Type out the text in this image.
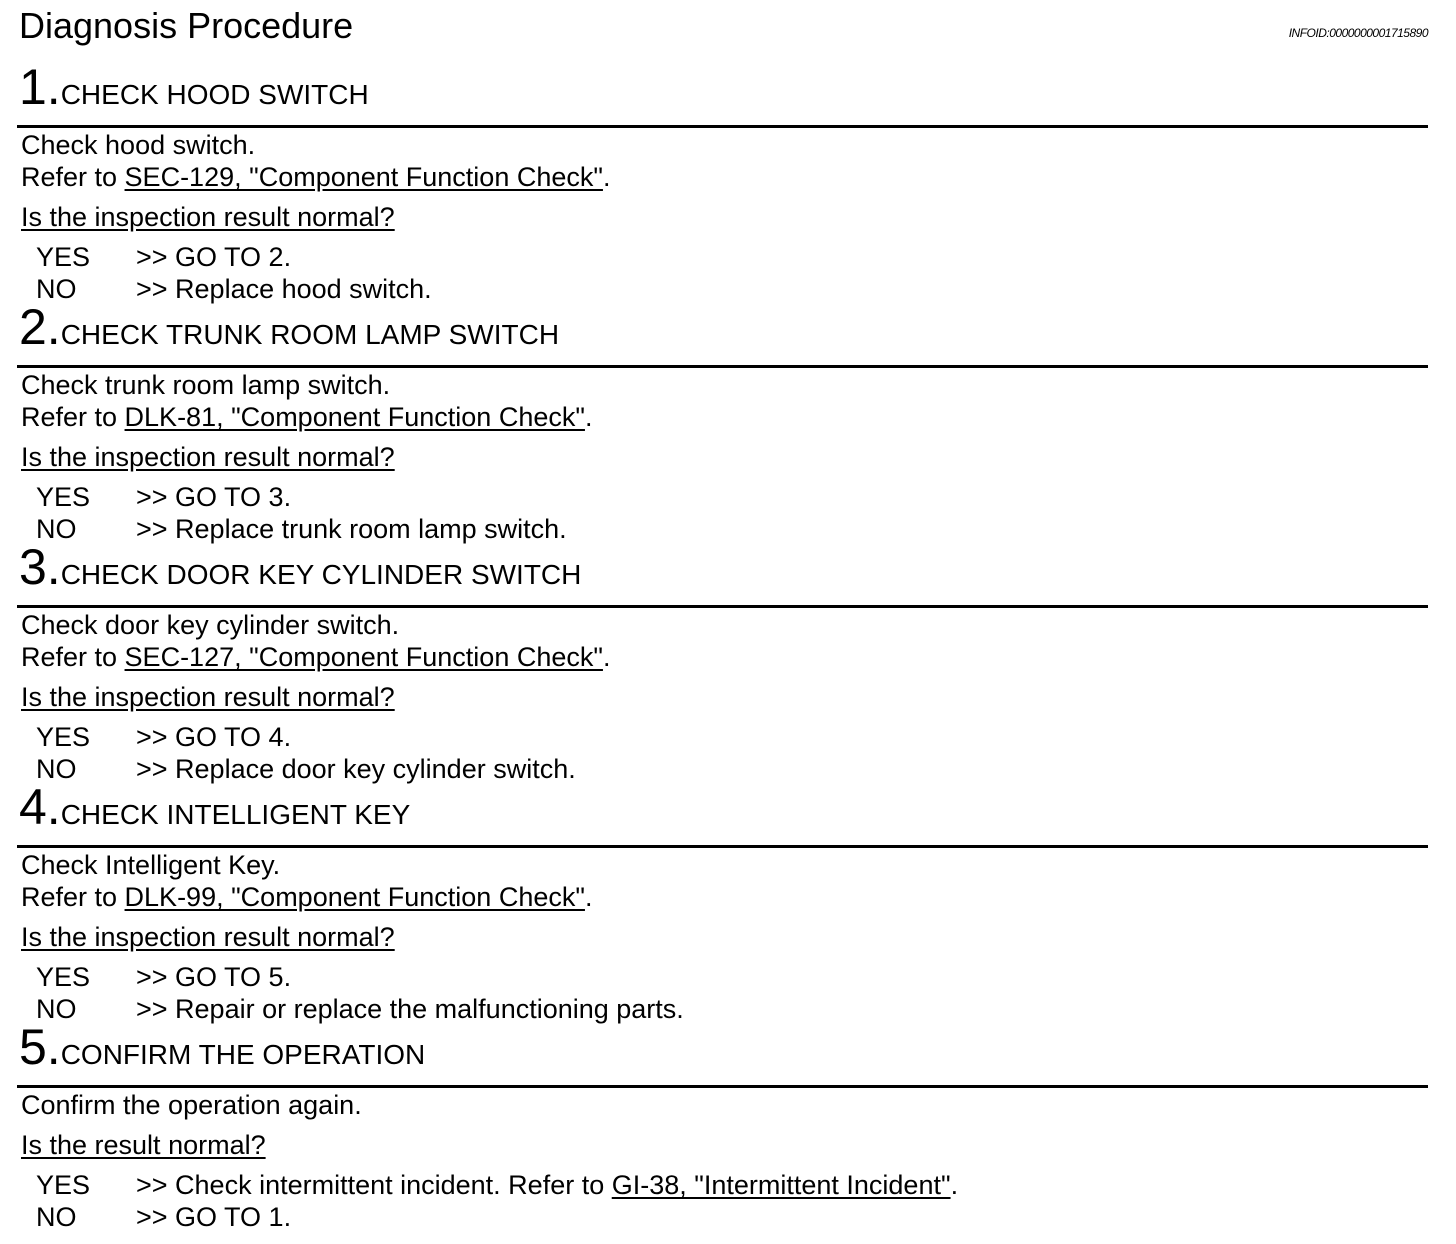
Diagnosis Procedure	INFOID:0000000001715890
1.CHECK HOOD SWITCH
Check hood switch.
Refer to SEC-129, "Component Function Check".
Is the inspection result normal?
YES >> GO TO 2.
NO >> Replace hood switch.
2.CHECK TRUNK ROOM LAMP SWITCH
Check trunk room lamp switch.
Refer to DLK-81, "Component Function Check".
Is the inspection result normal?
YES >> GO TO 3.
NO >> Replace trunk room lamp switch.
3.CHECK DOOR KEY CYLINDER SWITCH
Check door key cylinder switch.
Refer to SEC-127, "Component Function Check".
Is the inspection result normal?
YES >> GO TO 4.
NO >> Replace door key cylinder switch.
4.CHECK INTELLIGENT KEY
Check Intelligent Key.
Refer to DLK-99, "Component Function Check".
Is the inspection result normal?
YES >> GO TO 5.
NO >> Repair or replace the malfunctioning parts.
5.CONFIRM THE OPERATION
Confirm the operation again.
Is the result normal?
YES >> Check intermittent incident. Refer to GI-38, "Intermittent Incident".
NO >> GO TO 1.
